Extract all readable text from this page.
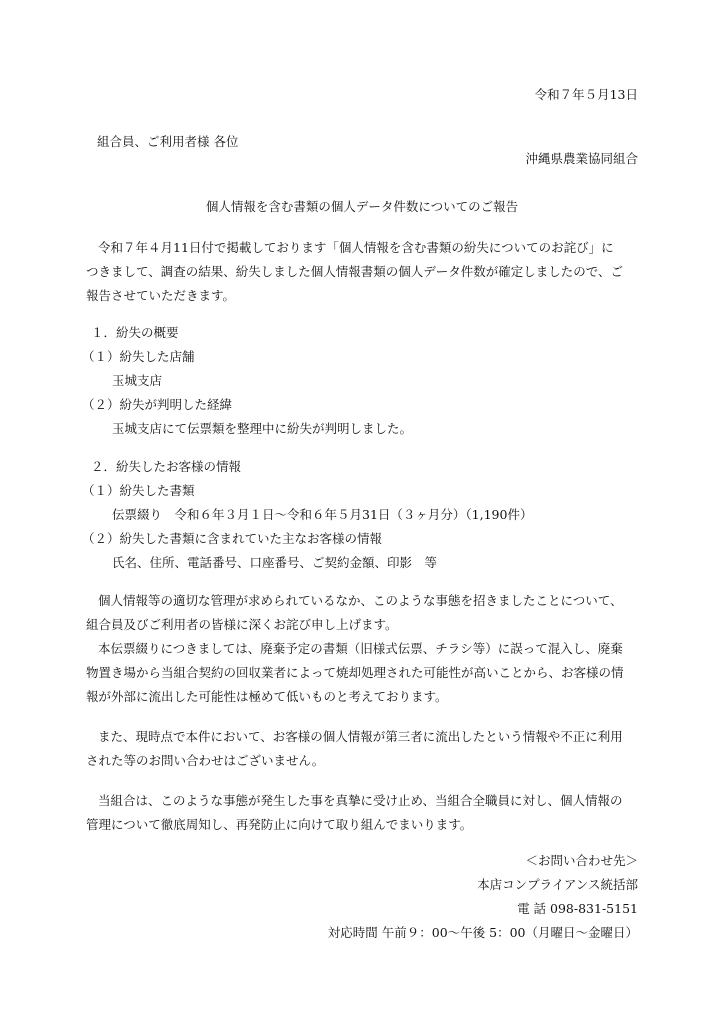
令和７年５月13日
組合員、ご利用者様 各位
沖縄県農業協同組合
個人情報を含む書類の個人データ件数についてのご報告
令和７年４月11日付で掲載しております「個人情報を含む書類の紛失についてのお詫び」に
つきまして、調査の結果、紛失しました個人情報書類の個人データ件数が確定しましたので、ご
報告させていただきます。
１．紛失の概要
（１）紛失した店舗
玉城支店
（２）紛失が判明した経緯
玉城支店にて伝票類を整理中に紛失が判明しました。
２．紛失したお客様の情報
（１）紛失した書類
伝票綴り　令和６年３月１日～令和６年５月31日（３ヶ月分）（1,190件）
（２）紛失した書類に含まれていた主なお客様の情報
氏名、住所、電話番号、口座番号、ご契約金額、印影　等
個人情報等の適切な管理が求められているなか、このような事態を招きましたことについて、
組合員及びご利用者の皆様に深くお詫び申し上げます。
本伝票綴りにつきましては、廃棄予定の書類（旧様式伝票、チラシ等）に誤って混入し、廃棄
物置き場から当組合契約の回収業者によって焼却処理された可能性が高いことから、お客様の情
報が外部に流出した可能性は極めて低いものと考えております。
また、現時点で本件において、お客様の個人情報が第三者に流出したという情報や不正に利用
された等のお問い合わせはございません。
当組合は、このような事態が発生した事を真摯に受け止め、当組合全職員に対し、個人情報の
管理について徹底周知し、再発防止に向けて取り組んでまいります。
＜お問い合わせ先＞
本店コンプライアンス統括部
電 話 098-831-5151
対応時間 午前９：00～午後 5：00（月曜日～金曜日）
